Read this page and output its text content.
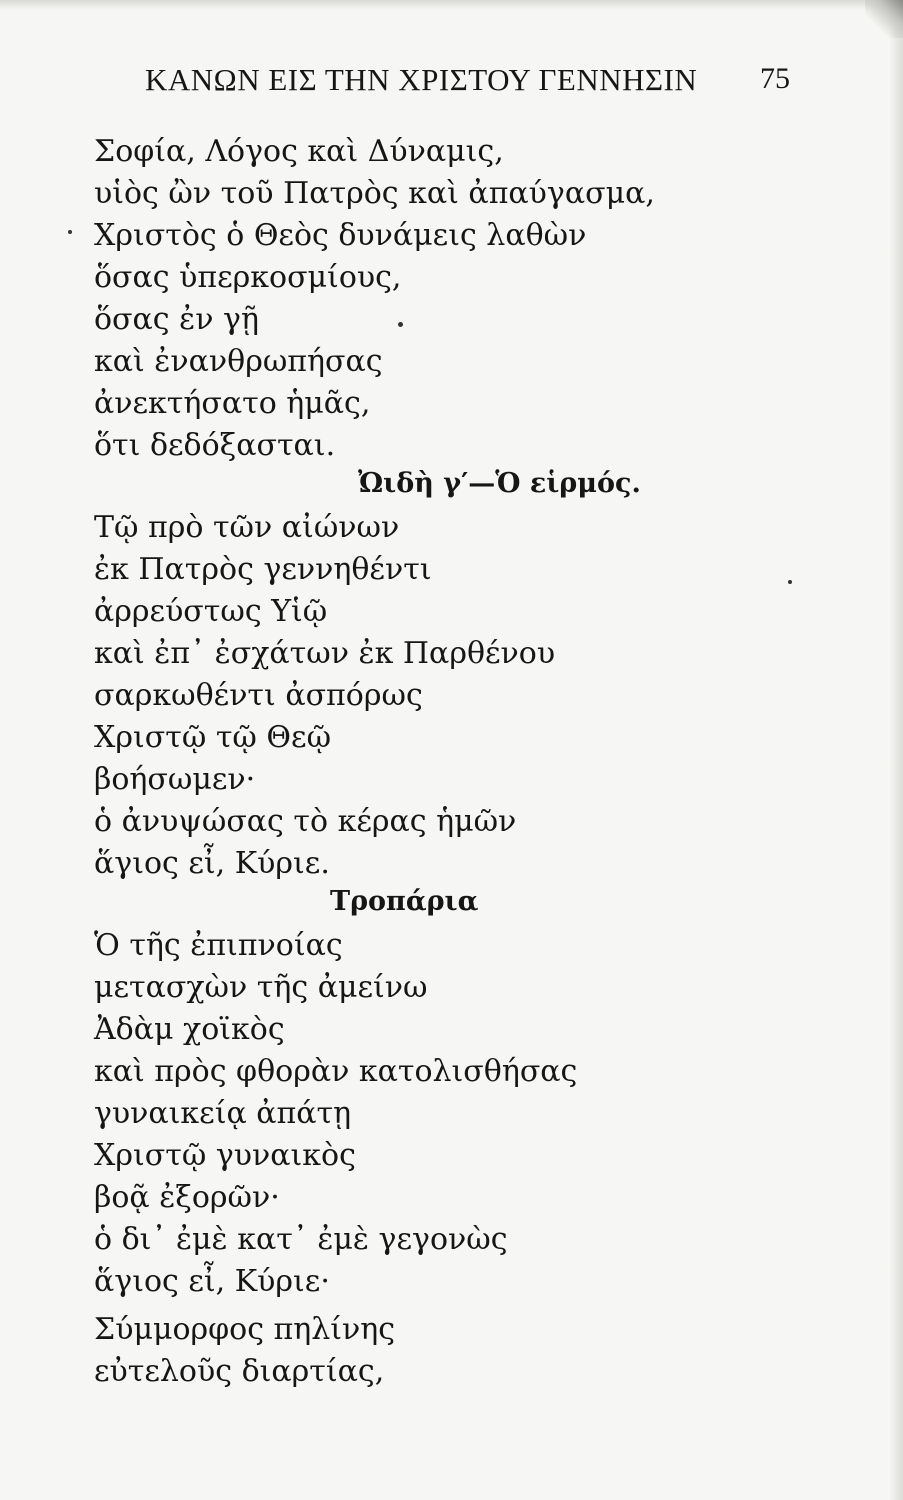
ΚΑΝΩΝ ΕΙΣ ΤΗΝ ΧΡΙΣΤΟΥ ΓΕΝΝΗΣΙΝ 75
Σοφία, Λόγος καὶ Δύναμις,
υἱὸς ὢν τοῦ Πατρὸς καὶ ἀπαύγασμα,
Χριστὸς ὁ Θεὸς δυνάμεις λαθὼν
ὅσας ὑπερκοσμίους,
ὅσας ἐν γῇ
καὶ ἐνανθρωπήσας
ἀνεκτήσατο ἡμᾶς,
ὅτι δεδόξασται.
Ὠιδὴ γ′—Ὁ εἱρμός.
Τῷ πρὸ τῶν αἰώνων
ἐκ Πατρὸς γεννηθέντι
ἀρρεύστως Υἱῷ
καὶ ἐπ᾿ ἐσχάτων ἐκ Παρθένου
σαρκωθέντι ἀσπόρως
Χριστῷ τῷ Θεῷ
βοήσωμεν·
ὁ ἀνυψώσας τὸ κέρας ἡμῶν
ἅγιος εἶ, Κύριε.
Τροπάρια
Ὁ τῆς ἐπιπνοίας
μετασχὼν τῆς ἀμείνω
Ἀδὰμ χοϊκὸς
καὶ πρὸς φθορὰν κατολισθήσας
γυναικείᾳ ἀπάτῃ
Χριστῷ γυναικὸς
βοᾷ ἐξορῶν·
ὁ δι᾿ ἐμὲ κατ᾿ ἐμὲ γεγονὼς
ἅγιος εἶ, Κύριε·
Σύμμορφος πηλίνης
εὐτελοῦς διαρτίας,
